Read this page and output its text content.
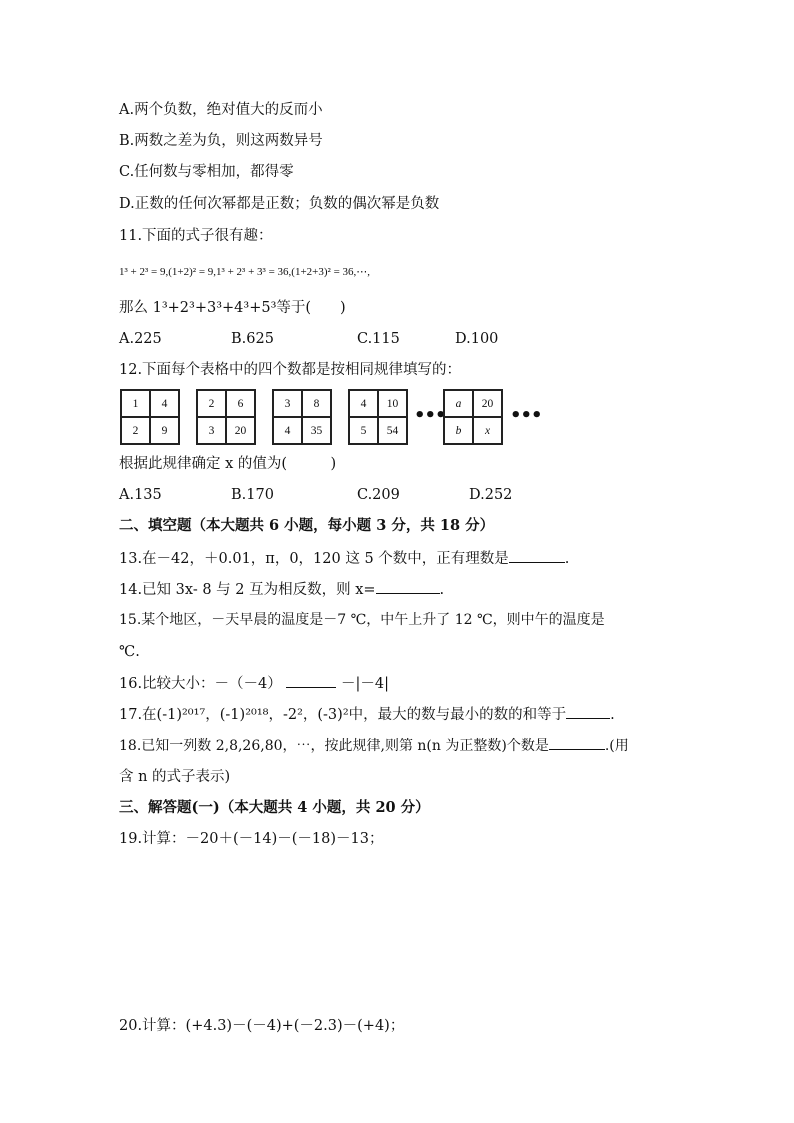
A.两个负数，绝对值大的反而小
B.两数之差为负，则这两数异号
C.任何数与零相加，都得零
D.正数的任何次幂都是正数；负数的偶次幂是负数
11.下面的式子很有趣：
1³ + 2³ = 9,(1+2)² = 9,1³ + 2³ + 3³ = 36,(1+2+3)² = 36,⋯,
那么 1³+2³+3³+4³+5³等于(　　)
A.225	B.625	C.115	D.100
12.下面每个表格中的四个数都是按相同规律填写的：
1	4
2	9
2	6
3	20
3	8
4	35
4	10
5	54
•••
a	20
b	x
•••
根据此规律确定 x 的值为(　　　)
A.135	B.170	C.209	D.252
二、填空题（本大题共 6 小题，每小题 3 分，共 18 分）
13.在－42，＋0.01，π，0，120 这 5 个数中，正有理数是	.
14.已知 3x- 8 与 2 互为相反数，则 x=	.
15.某个地区，－天早晨的温度是－7 ℃，中午上升了 12 ℃，则中午的温度是
℃.
16.比较大小：－（－4）	－|－4|
17.在(-1)²⁰¹⁷，(-1)²⁰¹⁸，-2²，(-3)²中，最大的数与最小的数的和等于	.
18.已知一列数 2,8,26,80，⋯，按此规律,则第 n(n 为正整数)个数是	.(用
含 n 的式子表示)
三、解答题(一)（本大题共 4 小题，共 20 分）
19.计算：－20＋(－14)－(－18)－13；
20.计算：(+4.3)－(－4)+(－2.3)－(+4)；
